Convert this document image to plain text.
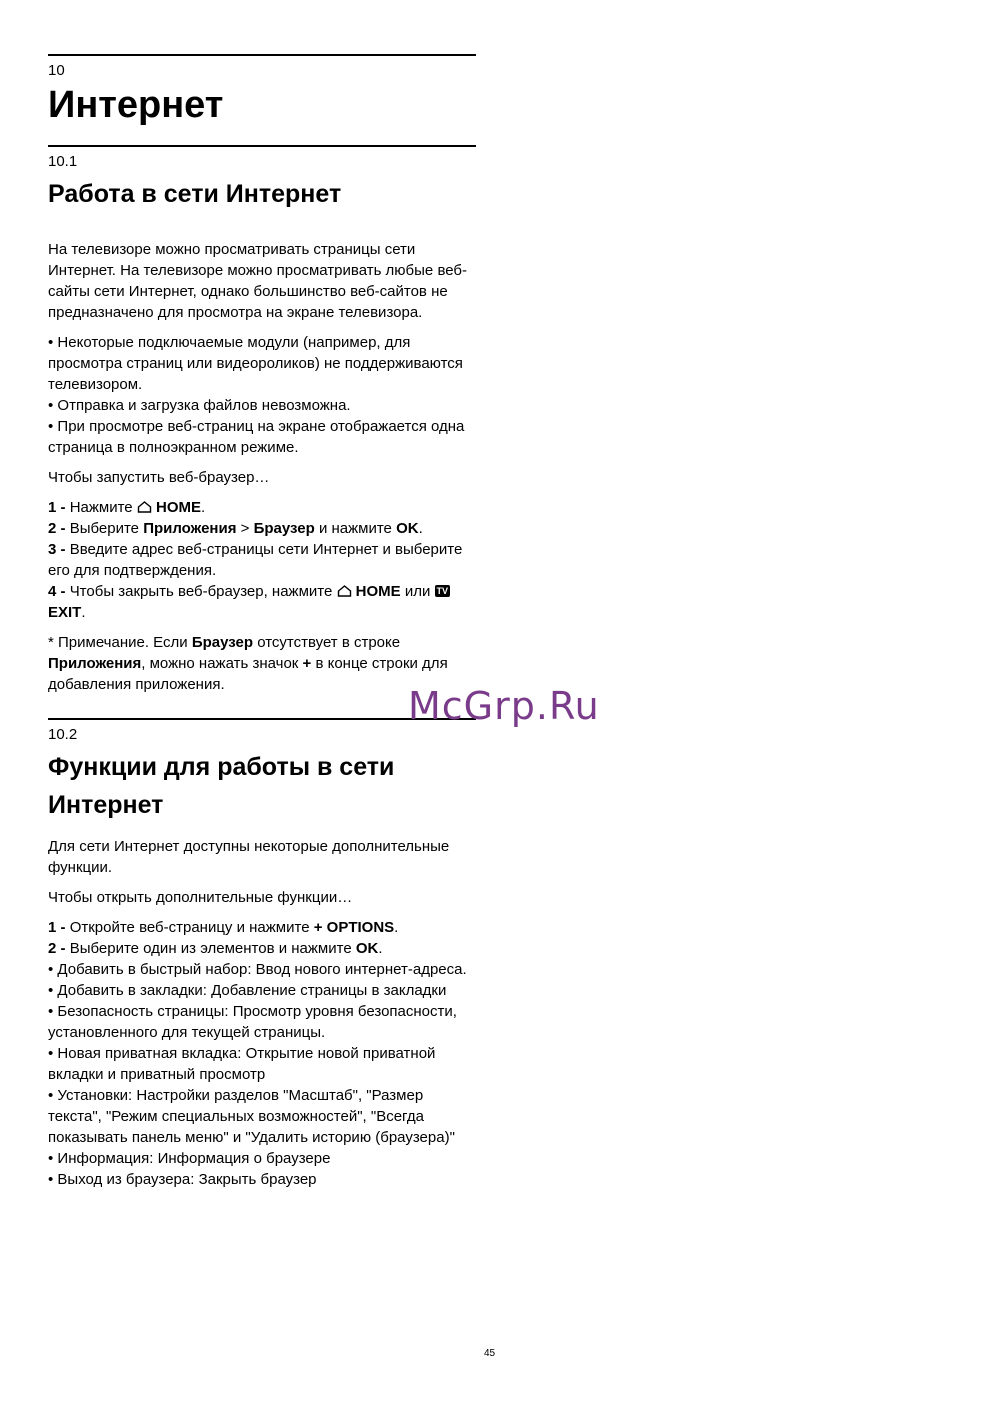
10
Интернет
10.1
Работа в сети Интернет

На телевизоре можно просматривать страницы сети Интернет. На телевизоре можно просматривать любые веб-сайты сети Интернет, однако большинство веб-сайтов не предназначено для просмотра на экране телевизора.

• Некоторые подключаемые модули (например, для просмотра страниц или видеороликов) не поддерживаются телевизором.

• Отправка и загрузка файлов невозможна.

• При просмотре веб-страниц на экране отображается одна страница в полноэкранном режиме.

Чтобы запустить веб-браузер…

1 - Нажмите HOME.

2 - Выберите Приложения > Браузер и нажмите OK.

3 - Введите адрес веб-страницы сети Интернет и выберите его для подтверждения.

4 - Чтобы закрыть веб-браузер, нажмите HOME или TV EXIT.

* Примечание. Если Браузер отсутствует в строке Приложения, можно нажать значок + в конце строки для добавления приложения.

10.2
Функции для работы в сети
Интернет

Для сети Интернет доступны некоторые дополнительные функции.

Чтобы открыть дополнительные функции…

1 - Откройте веб-страницу и нажмите + OPTIONS.

2 - Выберите один из элементов и нажмите OK.

• Добавить в быстрый набор: Ввод нового интернет-адреса.

• Добавить в закладки: Добавление страницы в закладки

• Безопасность страницы: Просмотр уровня безопасности, установленного для текущей страницы.

• Новая приватная вкладка: Открытие новой приватной вкладки и приватный просмотр

• Установки: Настройки разделов "Масштаб", "Размер текста", "Режим специальных возможностей", "Всегда показывать панель меню" и "Удалить историю (браузера)"

• Информация: Информация о браузере

• Выход из браузера: Закрыть браузер

McGrp.Ru
45
